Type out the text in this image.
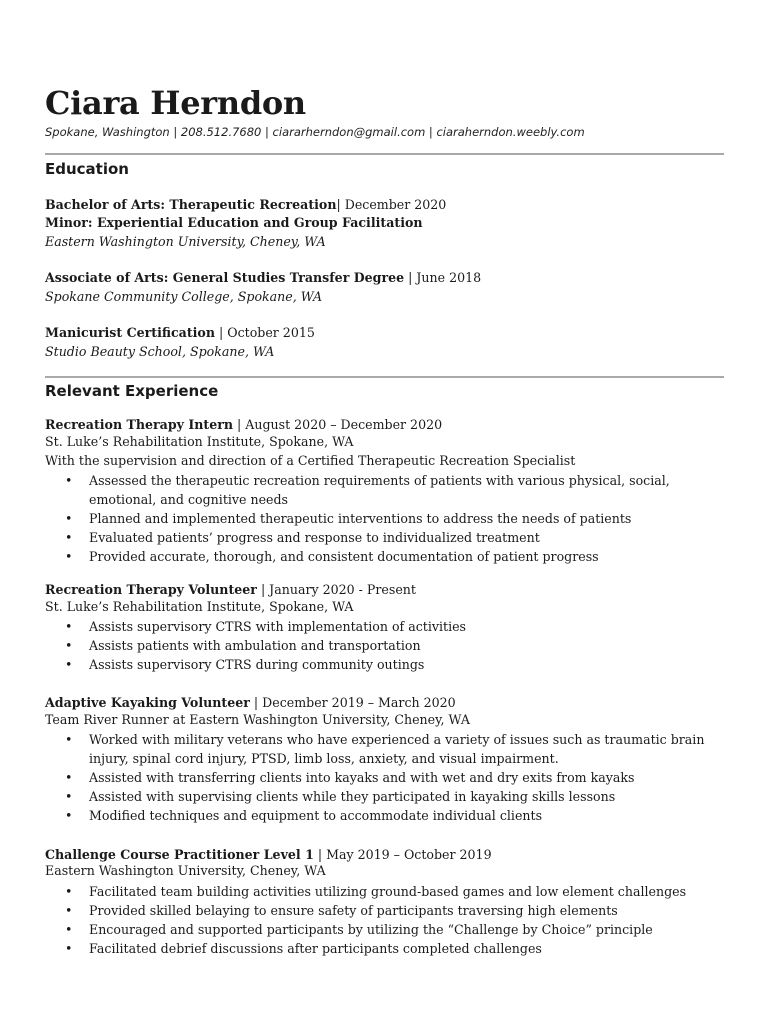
Ciara Herndon
Spokane, Washington | 208.512.7680 | ciararherndon@gmail.com | ciaraherndon.weebly.com
Education
Bachelor of Arts: Therapeutic Recreation| December 2020
Minor: Experiential Education and Group Facilitation
Eastern Washington University, Cheney, WA
Associate of Arts: General Studies Transfer Degree | June 2018
Spokane Community College, Spokane, WA
Manicurist Certification | October 2015
Studio Beauty School, Spokane, WA
Relevant Experience
Recreation Therapy Intern | August 2020 – December 2020
St. Luke’s Rehabilitation Institute, Spokane, WA
With the supervision and direction of a Certified Therapeutic Recreation Specialist
• Assessed the therapeutic recreation requirements of patients with various physical, social, emotional, and cognitive needs
• Planned and implemented therapeutic interventions to address the needs of patients
• Evaluated patients’ progress and response to individualized treatment
• Provided accurate, thorough, and consistent documentation of patient progress
Recreation Therapy Volunteer | January 2020 - Present
St. Luke’s Rehabilitation Institute, Spokane, WA
• Assists supervisory CTRS with implementation of activities
• Assists patients with ambulation and transportation
• Assists supervisory CTRS during community outings
Adaptive Kayaking Volunteer | December 2019 – March 2020
Team River Runner at Eastern Washington University, Cheney, WA
• Worked with military veterans who have experienced a variety of issues such as traumatic brain injury, spinal cord injury, PTSD, limb loss, anxiety, and visual impairment.
• Assisted with transferring clients into kayaks and with wet and dry exits from kayaks
• Assisted with supervising clients while they participated in kayaking skills lessons
• Modified techniques and equipment to accommodate individual clients
Challenge Course Practitioner Level 1 | May 2019 – October 2019
Eastern Washington University, Cheney, WA
• Facilitated team building activities utilizing ground-based games and low element challenges
• Provided skilled belaying to ensure safety of participants traversing high elements
• Encouraged and supported participants by utilizing the “Challenge by Choice” principle
• Facilitated debrief discussions after participants completed challenges
